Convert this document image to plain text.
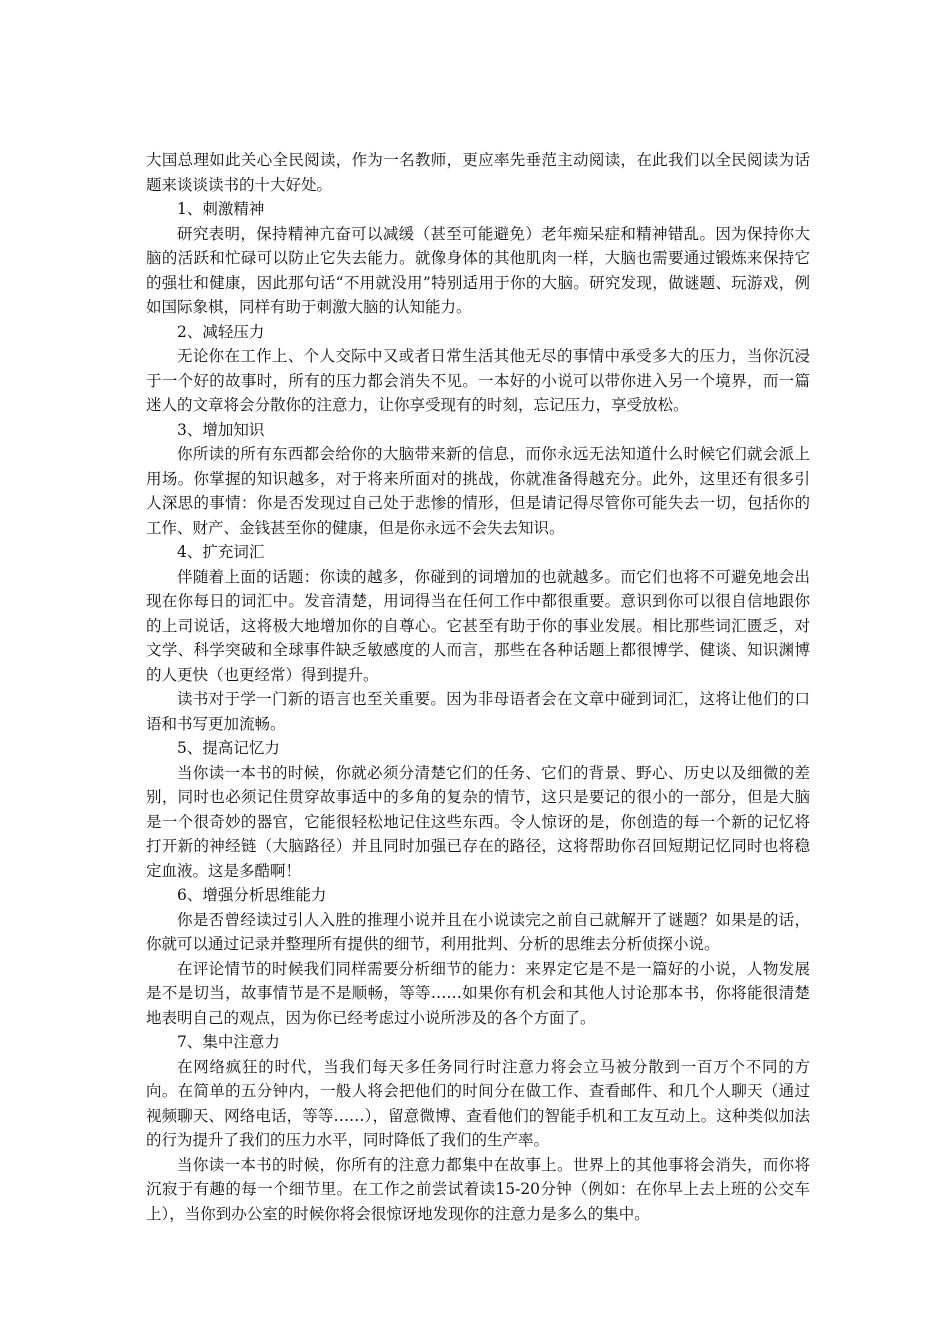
大国总理如此关心全民阅读，作为一名教师，更应率先垂范主动阅读，在此我们以全民阅读为话题来谈谈读书的十大好处。

1、刺激精神

研究表明，保持精神亢奋可以减缓（甚至可能避免）老年痴呆症和精神错乱。因为保持你大脑的活跃和忙碌可以防止它失去能力。就像身体的其他肌肉一样，大脑也需要通过锻炼来保持它的强壮和健康，因此那句话“不用就没用”特别适用于你的大脑。研究发现，做谜题、玩游戏，例如国际象棋，同样有助于刺激大脑的认知能力。

2、减轻压力

无论你在工作上、个人交际中又或者日常生活其他无尽的事情中承受多大的压力，当你沉浸于一个好的故事时，所有的压力都会消失不见。一本好的小说可以带你进入另一个境界，而一篇迷人的文章将会分散你的注意力，让你享受现有的时刻，忘记压力，享受放松。

3、增加知识

你所读的所有东西都会给你的大脑带来新的信息，而你永远无法知道什么时候它们就会派上用场。你掌握的知识越多，对于将来所面对的挑战，你就准备得越充分。此外，这里还有很多引人深思的事情：你是否发现过自己处于悲惨的情形，但是请记得尽管你可能失去一切，包括你的工作、财产、金钱甚至你的健康，但是你永远不会失去知识。

4、扩充词汇

伴随着上面的话题：你读的越多，你碰到的词增加的也就越多。而它们也将不可避免地会出现在你每日的词汇中。发音清楚，用词得当在任何工作中都很重要。意识到你可以很自信地跟你的上司说话，这将极大地增加你的自尊心。它甚至有助于你的事业发展。相比那些词汇匮乏，对文学、科学突破和全球事件缺乏敏感度的人而言，那些在各种话题上都很博学、健谈、知识渊博的人更快（也更经常）得到提升。

读书对于学一门新的语言也至关重要。因为非母语者会在文章中碰到词汇，这将让他们的口语和书写更加流畅。

5、提高记忆力

当你读一本书的时候，你就必须分清楚它们的任务、它们的背景、野心、历史以及细微的差别，同时也必须记住贯穿故事适中的多角的复杂的情节，这只是要记的很小的一部分，但是大脑是一个很奇妙的器官，它能很轻松地记住这些东西。令人惊讶的是，你创造的每一个新的记忆将打开新的神经链（大脑路径）并且同时加强已存在的路径，这将帮助你召回短期记忆同时也将稳定血液。这是多酷啊！

6、增强分析思维能力

你是否曾经读过引人入胜的推理小说并且在小说读完之前自己就解开了谜题？如果是的话，你就可以通过记录并整理所有提供的细节，利用批判、分析的思维去分析侦探小说。

在评论情节的时候我们同样需要分析细节的能力：来界定它是不是一篇好的小说，人物发展是不是切当，故事情节是不是顺畅，等等……如果你有机会和其他人讨论那本书，你将能很清楚地表明自己的观点，因为你已经考虑过小说所涉及的各个方面了。

7、集中注意力

在网络疯狂的时代，当我们每天多任务同行时注意力将会立马被分散到一百万个不同的方向。在简单的五分钟内，一般人将会把他们的时间分在做工作、查看邮件、和几个人聊天（通过视频聊天、网络电话，等等……），留意微博、查看他们的智能手机和工友互动上。这种类似加法的行为提升了我们的压力水平，同时降低了我们的生产率。

当你读一本书的时候，你所有的注意力都集中在故事上。世界上的其他事将会消失，而你将沉寂于有趣的每一个细节里。在工作之前尝试着读15-20分钟（例如：在你早上去上班的公交车上），当你到办公室的时候你将会很惊讶地发现你的注意力是多么的集中。
